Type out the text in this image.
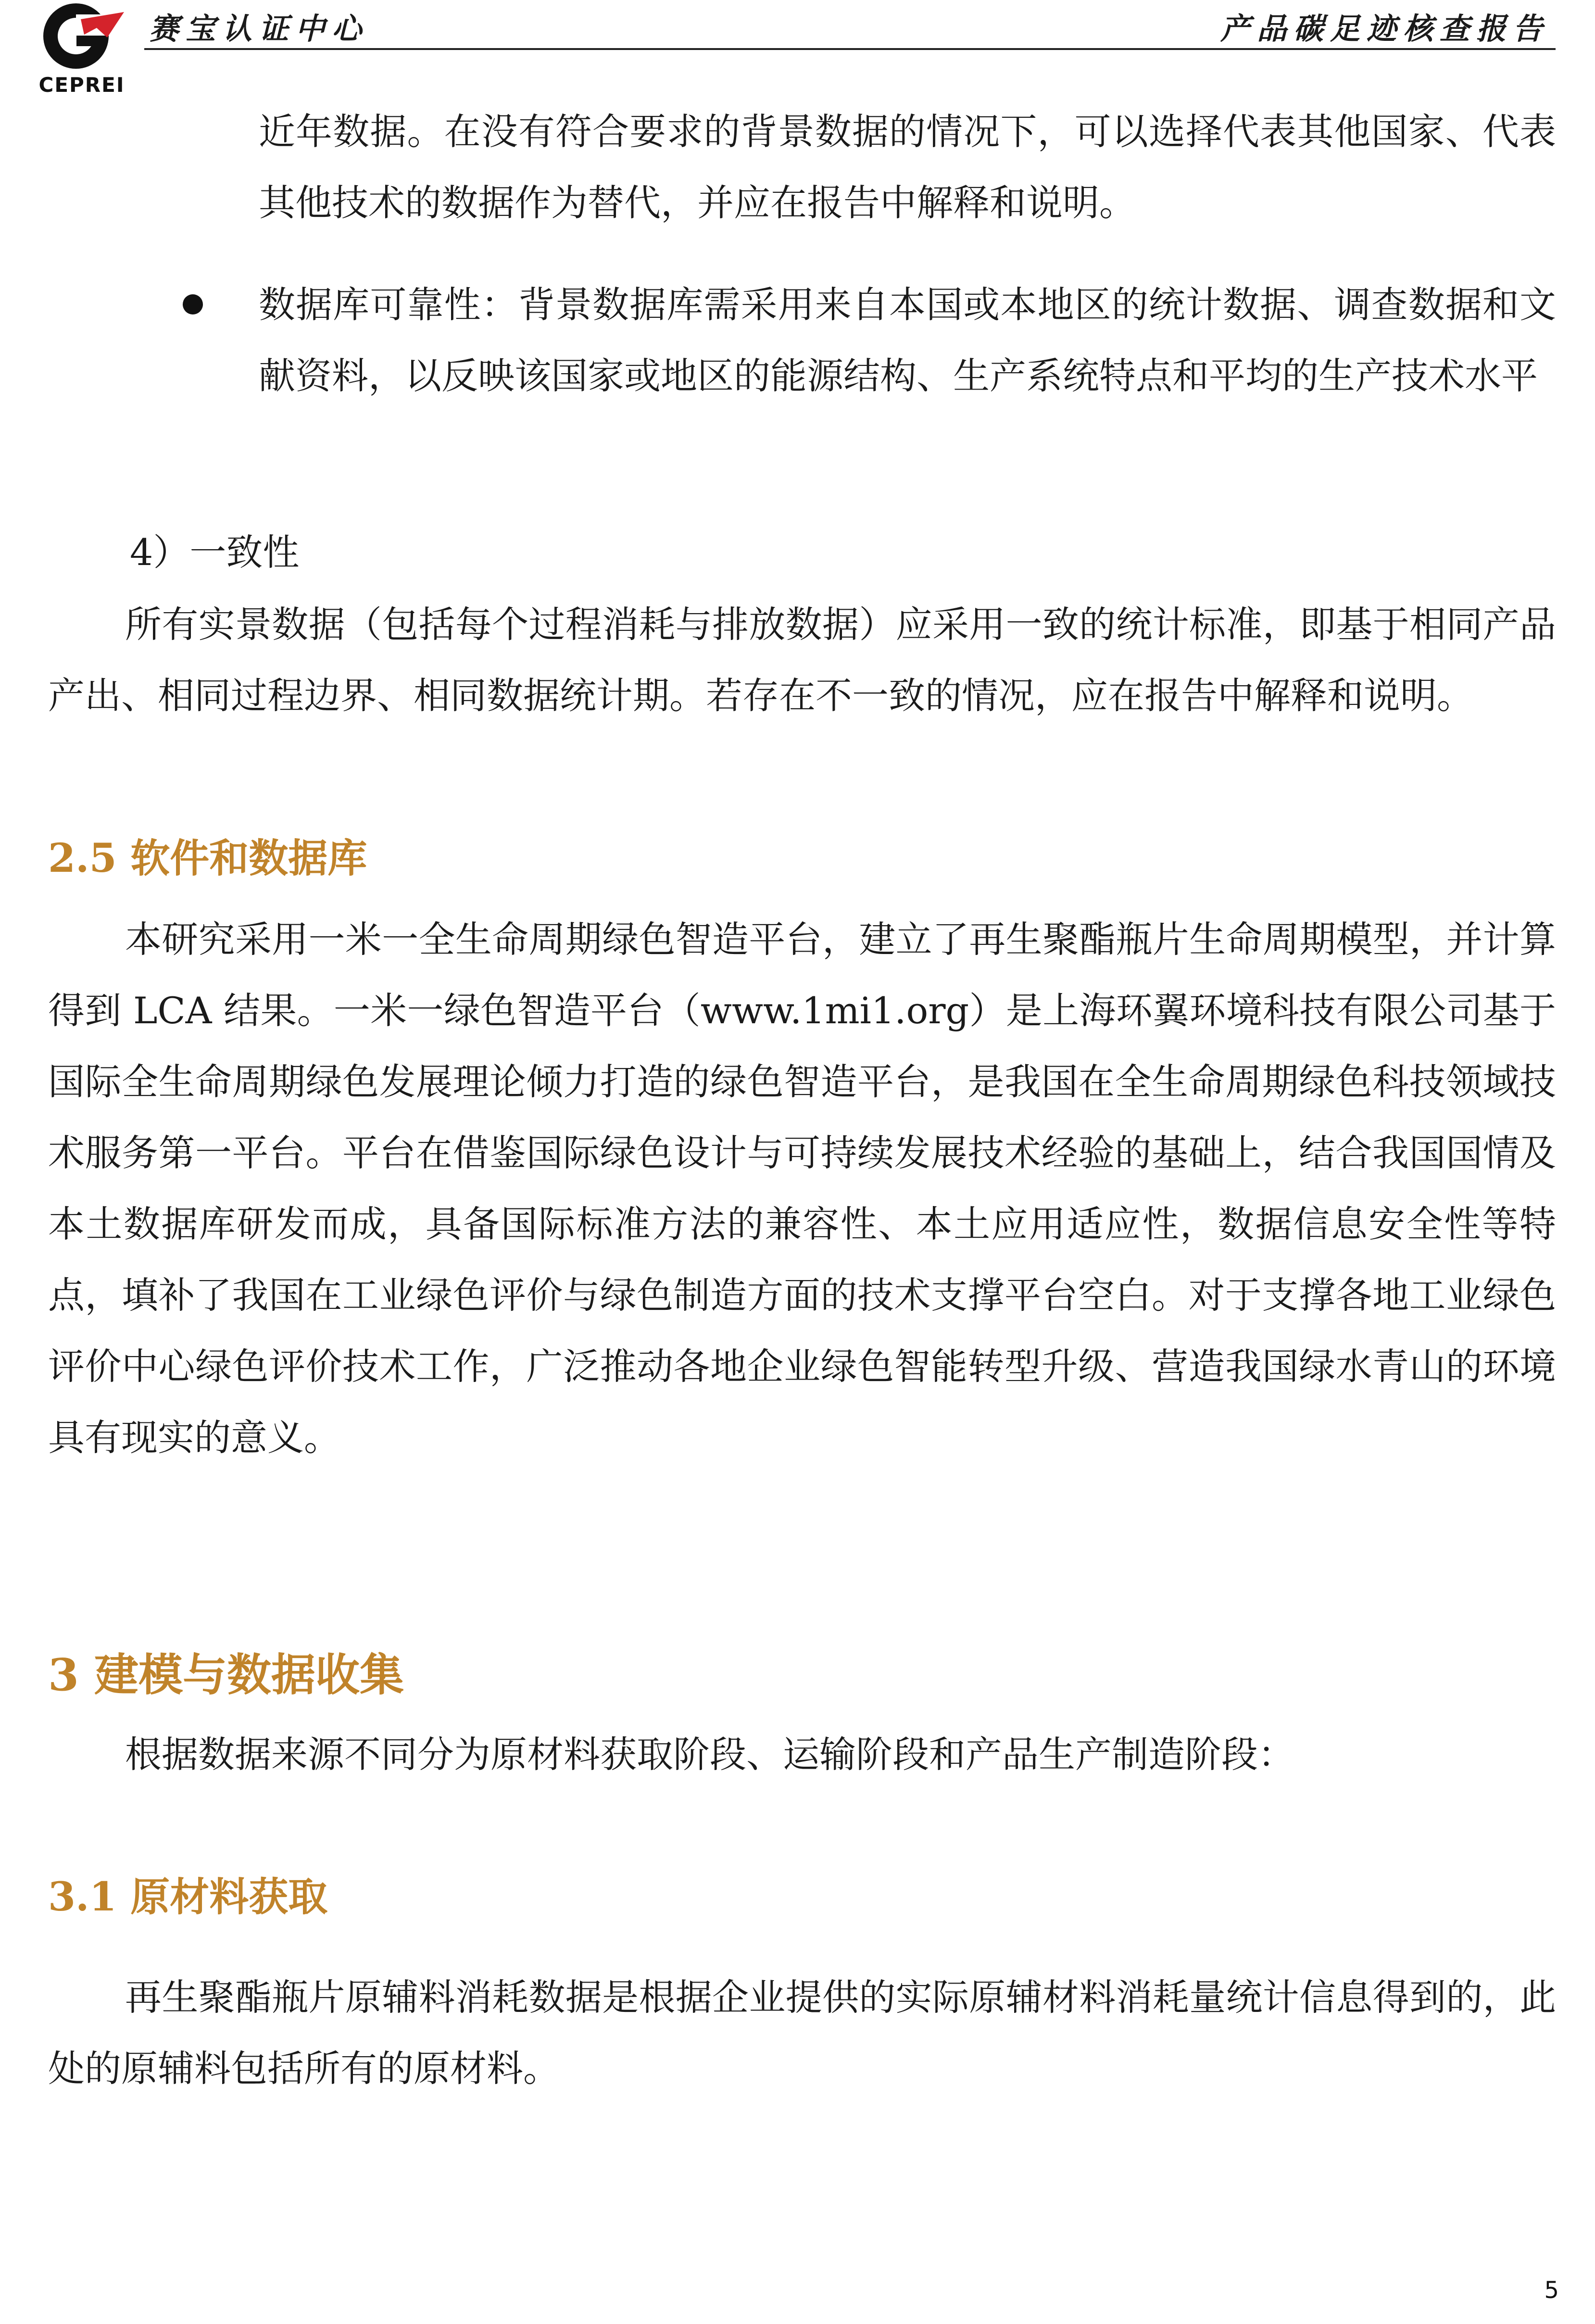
CEPREI
赛宝认证中心	产品碳足迹核查报告

近年数据。在没有符合要求的背景数据的情况下，可以选择代表其他国家、代表其他技术的数据作为替代，并应在报告中解释和说明。

数据库可靠性：背景数据库需采用来自本国或本地区的统计数据、调查数据和文献资料，以反映该国家或地区的能源结构、生产系统特点和平均的生产技术水平

4）一致性

所有实景数据（包括每个过程消耗与排放数据）应采用一致的统计标准，即基于相同产品产出、相同过程边界、相同数据统计期。若存在不一致的情况，应在报告中解释和说明。

2.5 软件和数据库

本研究采用一米一全生命周期绿色智造平台，建立了再生聚酯瓶片生命周期模型，并计算得到 LCA 结果。一米一绿色智造平台（www.1mi1.org）是上海环翼环境科技有限公司基于国际全生命周期绿色发展理论倾力打造的绿色智造平台，是我国在全生命周期绿色科技领域技术服务第一平台。平台在借鉴国际绿色设计与可持续发展技术经验的基础上，结合我国国情及本土数据库研发而成，具备国际标准方法的兼容性、本土应用适应性，数据信息安全性等特点，填补了我国在工业绿色评价与绿色制造方面的技术支撑平台空白。对于支撑各地工业绿色评价中心绿色评价技术工作，广泛推动各地企业绿色智能转型升级、营造我国绿水青山的环境具有现实的意义。

3 建模与数据收集

根据数据来源不同分为原材料获取阶段、运输阶段和产品生产制造阶段：

3.1 原材料获取

再生聚酯瓶片原辅料消耗数据是根据企业提供的实际原辅材料消耗量统计信息得到的，此处的原辅料包括所有的原材料。

5
